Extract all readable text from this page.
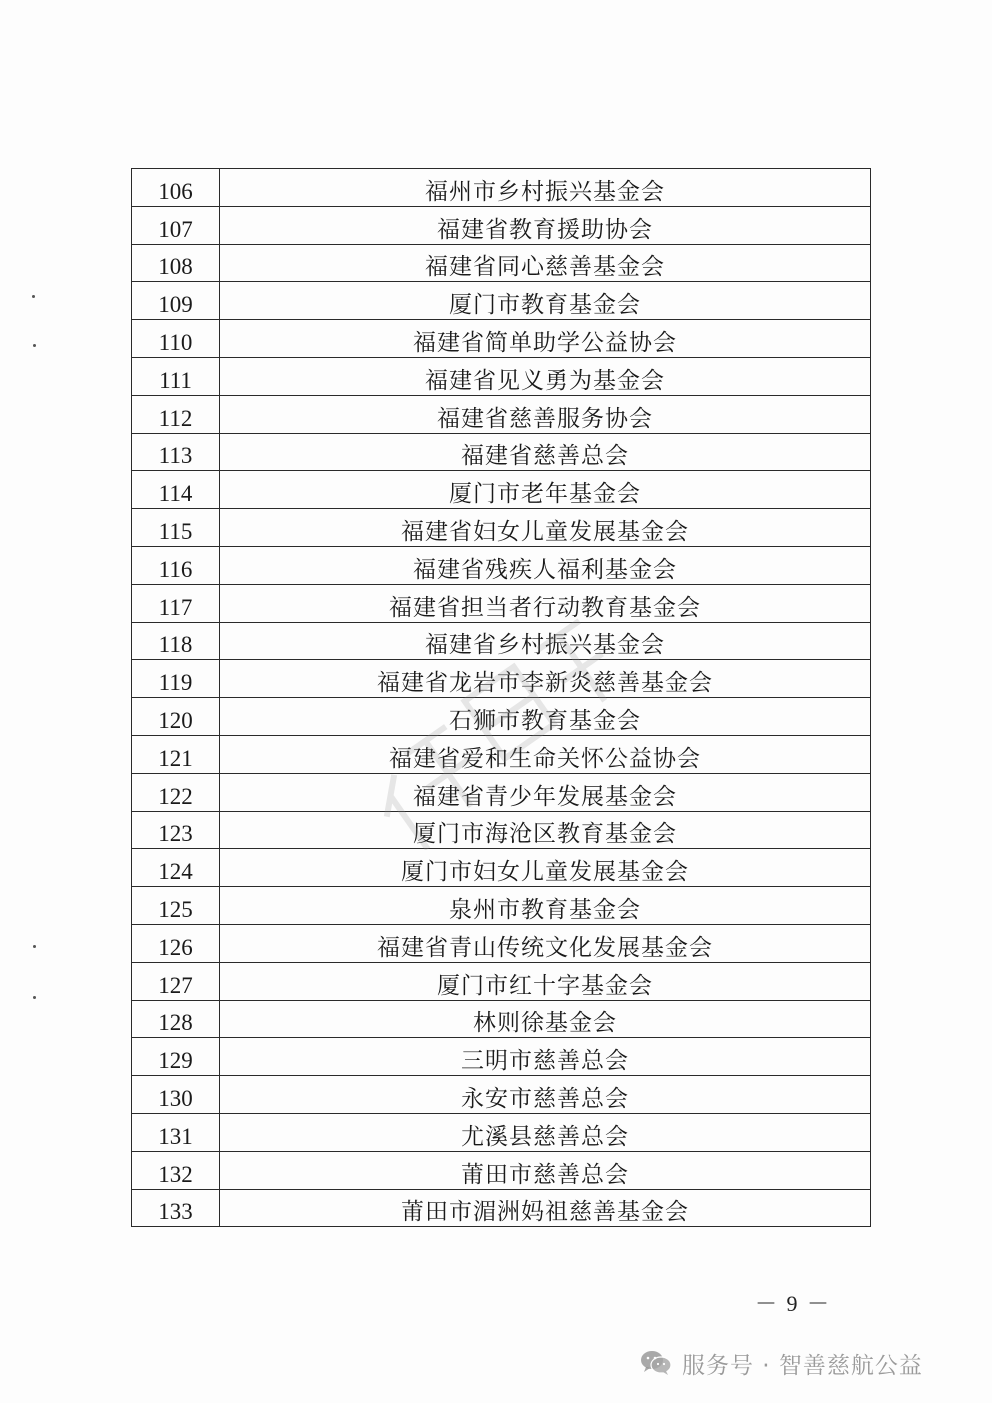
106	福州市乡村振兴基金会
107	福建省教育援助协会
108	福建省同心慈善基金会
109	厦门市教育基金会
110	福建省简单助学公益协会
111	福建省见义勇为基金会
112	福建省慈善服务协会
113	福建省慈善总会
114	厦门市老年基金会
115	福建省妇女儿童发展基金会
116	福建省残疾人福利基金会
117	福建省担当者行动教育基金会
118	福建省乡村振兴基金会
119	福建省龙岩市李新炎慈善基金会
120	石狮市教育基金会
121	福建省爱和生命关怀公益协会
122	福建省青少年发展基金会
123	厦门市海沧区教育基金会
124	厦门市妇女儿童发展基金会
125	泉州市教育基金会
126	福建省青山传统文化发展基金会
127	厦门市红十字基金会
128	林则徐基金会
129	三明市慈善总会
130	永安市慈善总会
131	尤溪县慈善总会
132	莆田市慈善总会
133	莆田市湄洲妈祖慈善基金会
－ 9 －
服务号 · 智善慈航公益
